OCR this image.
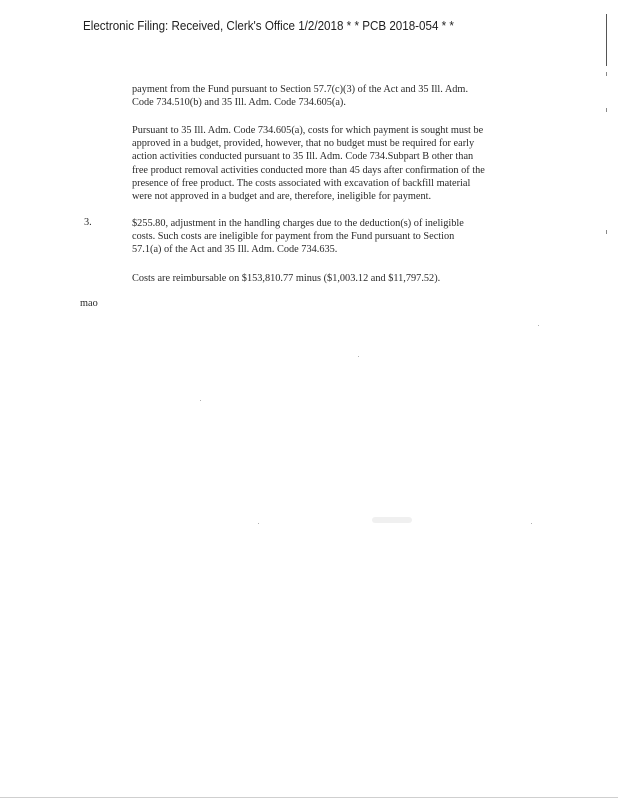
Electronic Filing: Received, Clerk's Office 1/2/2018 * * PCB 2018-054 * *
payment from the Fund pursuant to Section 57.7(c)(3) of the Act and 35 Ill. Adm.
Code 734.510(b) and 35 Ill. Adm. Code 734.605(a).
Pursuant to 35 Ill. Adm. Code 734.605(a), costs for which payment is sought must be
approved in a budget, provided, however, that no budget must be required for early
action activities conducted pursuant to 35 Ill. Adm. Code 734.Subpart B other than
free product removal activities conducted more than 45 days after confirmation of the
presence of free product. The costs associated with excavation of backfill material
were not approved in a budget and are, therefore, ineligible for payment.
3.	$255.80, adjustment in the handling charges due to the deduction(s) of ineligible
costs. Such costs are ineligible for payment from the Fund pursuant to Section
57.1(a) of the Act and 35 Ill. Adm. Code 734.635.
Costs are reimbursable on $153,810.77 minus ($1,003.12 and $11,797.52).
mao
